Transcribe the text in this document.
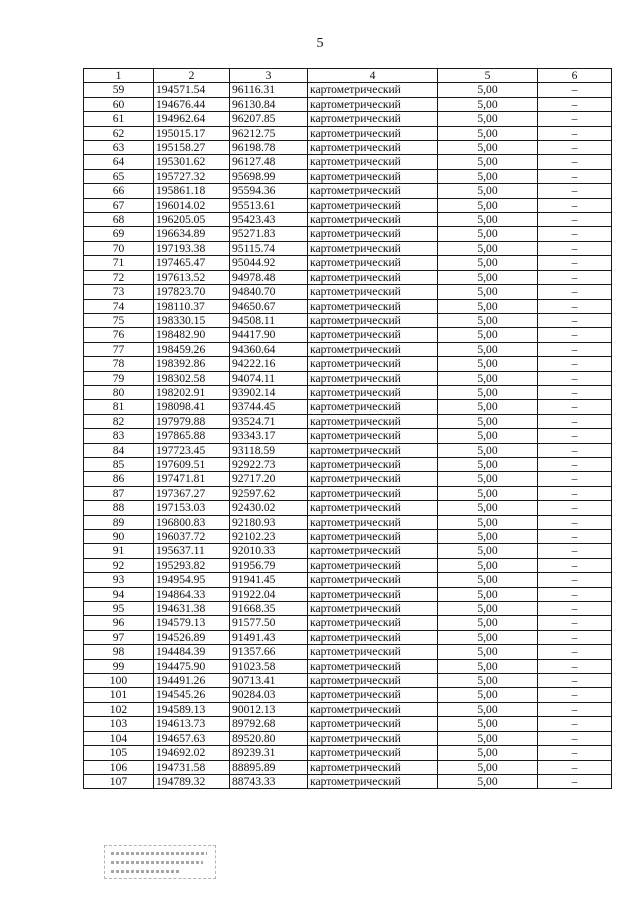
5
1	2	3	4	5	6
59	194571.54	96116.31	картометрический	5,00	–
60	194676.44	96130.84	картометрический	5,00	–
61	194962.64	96207.85	картометрический	5,00	–
62	195015.17	96212.75	картометрический	5,00	–
63	195158.27	96198.78	картометрический	5,00	–
64	195301.62	96127.48	картометрический	5,00	–
65	195727.32	95698.99	картометрический	5,00	–
66	195861.18	95594.36	картометрический	5,00	–
67	196014.02	95513.61	картометрический	5,00	–
68	196205.05	95423.43	картометрический	5,00	–
69	196634.89	95271.83	картометрический	5,00	–
70	197193.38	95115.74	картометрический	5,00	–
71	197465.47	95044.92	картометрический	5,00	–
72	197613.52	94978.48	картометрический	5,00	–
73	197823.70	94840.70	картометрический	5,00	–
74	198110.37	94650.67	картометрический	5,00	–
75	198330.15	94508.11	картометрический	5,00	–
76	198482.90	94417.90	картометрический	5,00	–
77	198459.26	94360.64	картометрический	5,00	–
78	198392.86	94222.16	картометрический	5,00	–
79	198302.58	94074.11	картометрический	5,00	–
80	198202.91	93902.14	картометрический	5,00	–
81	198098.41	93744.45	картометрический	5,00	–
82	197979.88	93524.71	картометрический	5,00	–
83	197865.88	93343.17	картометрический	5,00	–
84	197723.45	93118.59	картометрический	5,00	–
85	197609.51	92922.73	картометрический	5,00	–
86	197471.81	92717.20	картометрический	5,00	–
87	197367.27	92597.62	картометрический	5,00	–
88	197153.03	92430.02	картометрический	5,00	–
89	196800.83	92180.93	картометрический	5,00	–
90	196037.72	92102.23	картометрический	5,00	–
91	195637.11	92010.33	картометрический	5,00	–
92	195293.82	91956.79	картометрический	5,00	–
93	194954.95	91941.45	картометрический	5,00	–
94	194864.33	91922.04	картометрический	5,00	–
95	194631.38	91668.35	картометрический	5,00	–
96	194579.13	91577.50	картометрический	5,00	–
97	194526.89	91491.43	картометрический	5,00	–
98	194484.39	91357.66	картометрический	5,00	–
99	194475.90	91023.58	картометрический	5,00	–
100	194491.26	90713.41	картометрический	5,00	–
101	194545.26	90284.03	картометрический	5,00	–
102	194589.13	90012.13	картометрический	5,00	–
103	194613.73	89792.68	картометрический	5,00	–
104	194657.63	89520.80	картометрический	5,00	–
105	194692.02	89239.31	картометрический	5,00	–
106	194731.58	88895.89	картометрический	5,00	–
107	194789.32	88743.33	картометрический	5,00	–
